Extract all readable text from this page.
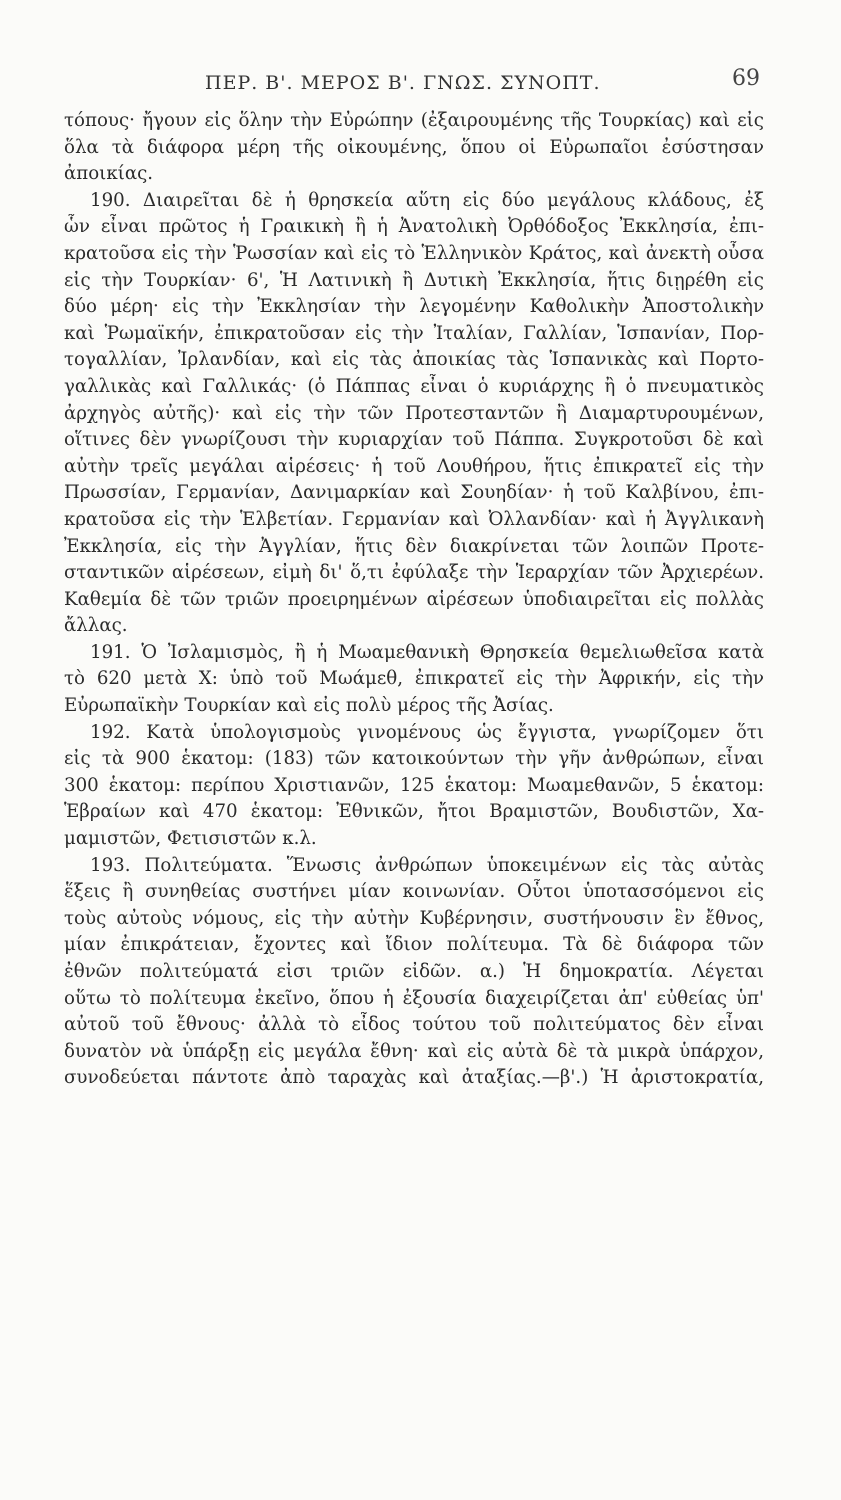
ΠΕΡ. Β'. ΜΕΡΟΣ Β'. ΓΝΩΣ. ΣΥΝΟΠΤ.	69
τόπους· ἤγουν εἰς ὅλην τὴν Εὐρώπην (ἐξαιρουμένης τῆς Τουρκίας) καὶ εἰς
ὅλα τὰ διάφορα μέρη τῆς οἰκουμένης, ὅπου οἱ Εὐρωπαῖοι ἐσύστησαν
ἀποικίας.
190. Διαιρεῖται δὲ ἡ θρησκεία αὕτη εἰς δύο μεγάλους κλάδους, ἐξ
ὧν εἶναι πρῶτος ἡ Γραικικὴ ἢ ἡ Ἀνατολικὴ Ὀρθόδοξος Ἐκκλησία, ἐπι-
κρατοῦσα εἰς τὴν Ῥωσσίαν καὶ εἰς τὸ Ἑλληνικὸν Κράτος, καὶ ἀνεκτὴ οὖσα
εἰς τὴν Τουρκίαν· 6', Ἡ Λατινικὴ ἢ Δυτικὴ Ἐκκλησία, ἥτις διῃρέθη εἰς
δύο μέρη· εἰς τὴν Ἐκκλησίαν τὴν λεγομένην Καθολικὴν Ἀποστολικὴν
καὶ Ῥωμαϊκήν, ἐπικρατοῦσαν εἰς τὴν Ἰταλίαν, Γαλλίαν, Ἱσπανίαν, Πορ-
τογαλλίαν, Ἰρλανδίαν, καὶ εἰς τὰς ἀποικίας τὰς Ἱσπανικὰς καὶ Πορτο-
γαλλικὰς καὶ Γαλλικάς· (ὁ Πάππας εἶναι ὁ κυριάρχης ἢ ὁ πνευματικὸς
ἀρχηγὸς αὐτῆς)· καὶ εἰς τὴν τῶν Προτεσταντῶν ἢ Διαμαρτυρουμένων,
οἵτινες δὲν γνωρίζουσι τὴν κυριαρχίαν τοῦ Πάππα. Συγκροτοῦσι δὲ καὶ
αὐτὴν τρεῖς μεγάλαι αἱρέσεις· ἡ τοῦ Λουθήρου, ἥτις ἐπικρατεῖ εἰς τὴν
Πρωσσίαν, Γερμανίαν, Δανιμαρκίαν καὶ Σουηδίαν· ἡ τοῦ Καλβίνου, ἐπι-
κρατοῦσα εἰς τὴν Ἑλβετίαν. Γερμανίαν καὶ Ὀλλανδίαν· καὶ ἡ Ἀγγλικανὴ
Ἐκκλησία, εἰς τὴν Ἀγγλίαν, ἥτις δὲν διακρίνεται τῶν λοιπῶν Προτε-
σταντικῶν αἱρέσεων, εἰμὴ δι' ὅ,τι ἐφύλαξε τὴν Ἱεραρχίαν τῶν Ἀρχιερέων.
Καθεμία δὲ τῶν τριῶν προειρημένων αἱρέσεων ὑποδιαιρεῖται εἰς πολλὰς
ἄλλας.
191. Ὁ Ἰσλαμισμὸς, ἢ ἡ Μωαμεθανικὴ Θρησκεία θεμελιωθεῖσα κατὰ
τὸ 620 μετὰ Χ: ὑπὸ τοῦ Μωάμεθ, ἐπικρατεῖ εἰς τὴν Ἀφρικήν, εἰς τὴν
Εὐρωπαϊκὴν Τουρκίαν καὶ εἰς πολὺ μέρος τῆς Ἀσίας.
192. Κατὰ ὑπολογισμοὺς γινομένους ὡς ἔγγιστα, γνωρίζομεν ὅτι
εἰς τὰ 900 ἑκατομ: (183) τῶν κατοικούντων τὴν γῆν ἀνθρώπων, εἶναι
300 ἑκατομ: περίπου Χριστιανῶν, 125 ἑκατομ: Μωαμεθανῶν, 5 ἑκατομ:
Ἑβραίων καὶ 470 ἑκατομ: Ἐθνικῶν, ἤτοι Βραμιστῶν, Βουδιστῶν, Χα-
μαμιστῶν, Φετισιστῶν κ.λ.
193. Πολιτεύματα. Ἕνωσις ἀνθρώπων ὑποκειμένων εἰς τὰς αὐτὰς
ἕξεις ἢ συνηθείας συστήνει μίαν κοινωνίαν. Οὗτοι ὑποτασσόμενοι εἰς
τοὺς αὐτοὺς νόμους, εἰς τὴν αὐτὴν Κυβέρνησιν, συστήνουσιν ἓν ἔθνος,
μίαν ἐπικράτειαν, ἔχοντες καὶ ἴδιον πολίτευμα. Τὰ δὲ διάφορα τῶν
ἐθνῶν πολιτεύματά εἰσι τριῶν εἰδῶν. α.) Ἡ δημοκρατία. Λέγεται
οὕτω τὸ πολίτευμα ἐκεῖνο, ὅπου ἡ ἐξουσία διαχειρίζεται ἀπ' εὐθείας ὑπ'
αὐτοῦ τοῦ ἔθνους· ἀλλὰ τὸ εἶδος τούτου τοῦ πολιτεύματος δὲν εἶναι
δυνατὸν νὰ ὑπάρξῃ εἰς μεγάλα ἔθνη· καὶ εἰς αὐτὰ δὲ τὰ μικρὰ ὑπάρχον,
συνοδεύεται πάντοτε ἀπὸ ταραχὰς καὶ ἀταξίας.—β'.) Ἡ ἀριστοκρατία,
